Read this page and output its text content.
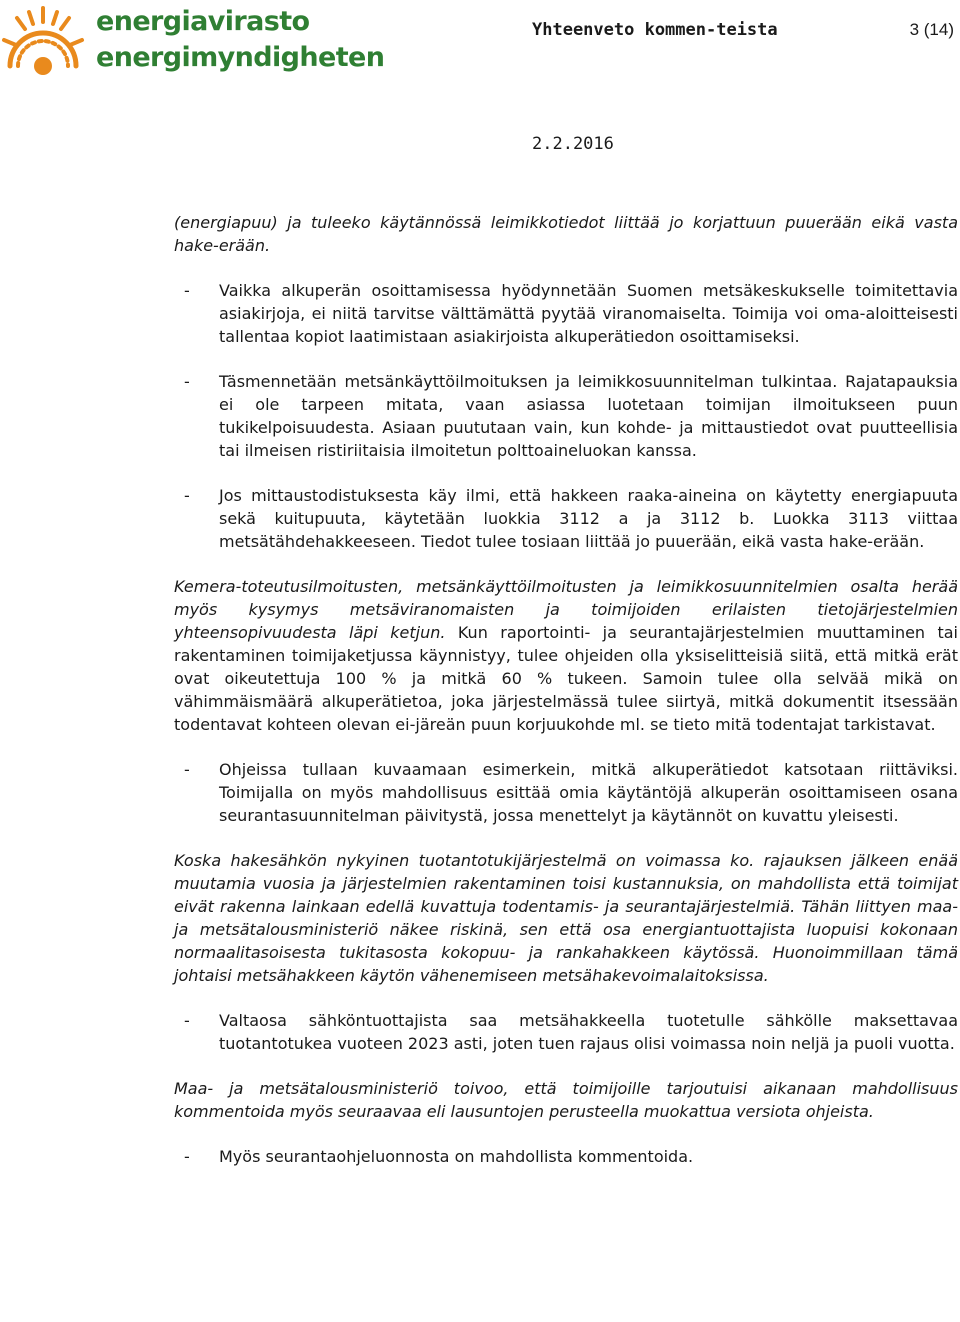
energiavirasto
energimyndigheten
Yhteenveto kommen-teista	3 (14)
2.2.2016

(energiapuu) ja tuleeko käytännössä leimikkotiedot liittää jo korjattuun puuerään eikä vasta hake-erään.

- Vaikka alkuperän osoittamisessa hyödynnetään Suomen metsäkeskukselle toimitettavia asiakirjoja, ei niitä tarvitse välttämättä pyytää viranomaiselta. Toimija voi oma-aloitteisesti tallentaa kopiot laatimistaan asiakirjoista alkuperätiedon osoittamiseksi.

- Täsmennetään metsänkäyttöilmoituksen ja leimikkosuunnitelman tulkintaa. Rajatapauksia ei ole tarpeen mitata, vaan asiassa luotetaan toimijan ilmoitukseen puun tukikelpoisuudesta. Asiaan puututaan vain, kun kohde- ja mittaustiedot ovat puutteellisia tai ilmeisen ristiriitaisia ilmoitetun polttoaineluokan kanssa.

- Jos mittaustodistuksesta käy ilmi, että hakkeen raaka-aineina on käytetty energiapuuta sekä kuitupuuta, käytetään luokkia 3112 a ja 3112 b. Luokka 3113 viittaa metsätähdehakkeeseen. Tiedot tulee tosiaan liittää jo puuerään, eikä vasta hake-erään.

Kemera-toteutusilmoitusten, metsänkäyttöilmoitusten ja leimikkosuunnitelmien osalta herää myös kysymys metsäviranomaisten ja toimijoiden erilaisten tietojärjestelmien yhteensopivuudesta läpi ketjun. Kun raportointi- ja seurantajärjestelmien muuttaminen tai rakentaminen toimijaketjussa käynnistyy, tulee ohjeiden olla yksiselitteisiä siitä, että mitkä erät ovat oikeutettuja 100 % ja mitkä 60 % tukeen. Samoin tulee olla selvää mikä on vähimmäismäärä alkuperätietoa, joka järjestelmässä tulee siirtyä, mitkä dokumentit itsessään todentavat kohteen olevan ei-järeän puun korjuukohde ml. se tieto mitä todentajat tarkistavat.

- Ohjeissa tullaan kuvaamaan esimerkein, mitkä alkuperätiedot katsotaan riittäviksi. Toimijalla on myös mahdollisuus esittää omia käytäntöjä alkuperän osoittamiseen osana seurantasuunnitelman päivitystä, jossa menettelyt ja käytännöt on kuvattu yleisesti.

Koska hakesähkön nykyinen tuotantotukijärjestelmä on voimassa ko. rajauksen jälkeen enää muutamia vuosia ja järjestelmien rakentaminen toisi kustannuksia, on mahdollista että toimijat eivät rakenna lainkaan edellä kuvattuja todentamis- ja seurantajärjestelmiä. Tähän liittyen maa-ja metsätalousministeriö näkee riskinä, sen että osa energiantuottajista luopuisi kokonaan normaalitasoisesta tukitasosta kokopuu- ja rankahakkeen käytössä. Huonoimmillaan tämä johtaisi metsähakkeen käytön vähenemiseen metsähakevoimalaitoksissa.

- Valtaosa sähköntuottajista saa metsähakkeella tuotetulle sähkölle maksettavaa tuotantotukea vuoteen 2023 asti, joten tuen rajaus olisi voimassa noin neljä ja puoli vuotta.

Maa- ja metsätalousministeriö toivoo, että toimijoille tarjoutuisi aikanaan mahdollisuus kommentoida myös seuraavaa eli lausuntojen perusteella muokattua versiota ohjeista.

- Myös seurantaohjeluonnosta on mahdollista kommentoida.
